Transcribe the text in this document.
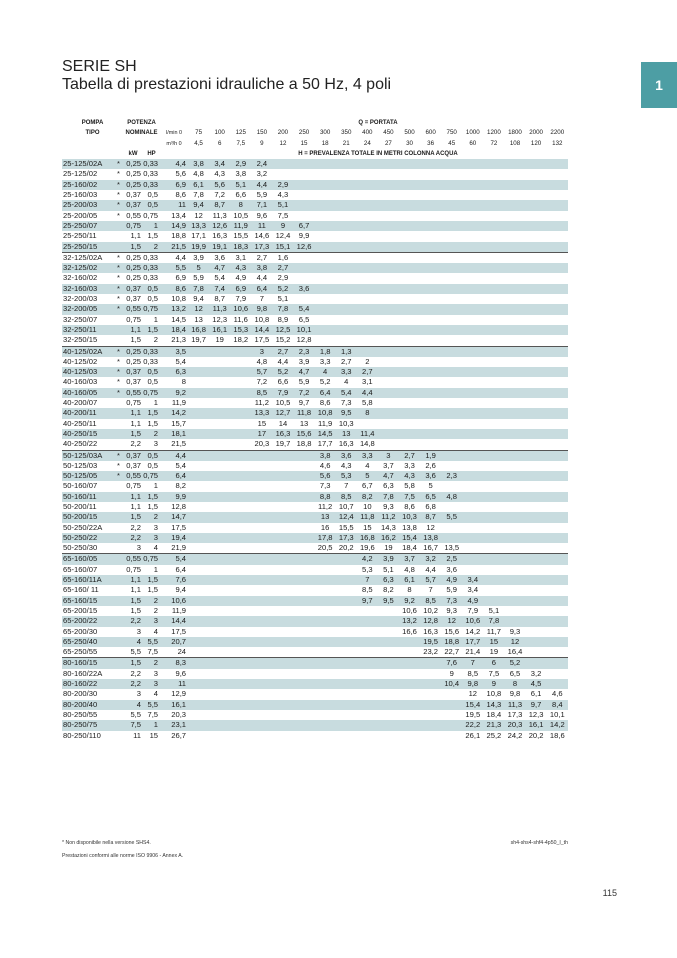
SERIE SH
Tabella di prestazioni idrauliche a 50 Hz, 4 poli	1
POMPA		POTENZA			Q = PORTATA																	
TIPO		NOMINALE		l/min 0	75	100	125	150	200	250	300	350	400	450	500	600	750	1000	1200	1800	2000	2200
				m³/h 0	4,5	6	7,5	9	12	15	18	21	24	27	30	36	45	60	72	108	120	132
		kW	HP		H = PREVALENZA TOTALE IN METRI COLONNA ACQUA																	
25-125/02A	*	0,25	0,33	4,4	3,8	3,4	2,9	2,4														
25-125/02	*	0,25	0,33	5,6	4,8	4,3	3,8	3,2														
25-160/02	*	0,25	0,33	6,9	6,1	5,6	5,1	4,4	2,9													
25-160/03	*	0,37	0,5	8,6	7,8	7,2	6,6	5,9	4,3													
25-200/03	*	0,37	0,5	11	9,4	8,7	8	7,1	5,1													
25-200/05	*	0,55	0,75	13,4	12	11,3	10,5	9,6	7,5													
25-250/07		0,75	1	14,9	13,3	12,6	11,9	11	9	6,7												
25-250/11		1,1	1,5	18,8	17,1	16,3	15,5	14,6	12,4	9,9												
25-250/15		1,5	2	21,5	19,9	19,1	18,3	17,3	15,1	12,6												
32-125/02A	*	0,25	0,33	4,4	3,9	3,6	3,1	2,7	1,6													
32-125/02	*	0,25	0,33	5,5	5	4,7	4,3	3,8	2,7													
32-160/02	*	0,25	0,33	6,9	5,9	5,4	4,9	4,4	2,9													
32-160/03	*	0,37	0,5	8,6	7,8	7,4	6,9	6,4	5,2	3,6												
32-200/03	*	0,37	0,5	10,8	9,4	8,7	7,9	7	5,1													
32-200/05	*	0,55	0,75	13,2	12	11,3	10,6	9,8	7,8	5,4												
32-250/07		0,75	1	14,5	13	12,3	11,6	10,8	8,9	6,5												
32-250/11		1,1	1,5	18,4	16,8	16,1	15,3	14,4	12,5	10,1												
32-250/15		1,5	2	21,3	19,7	19	18,2	17,5	15,2	12,8												
40-125/02A	*	0,25	0,33	3,5				3	2,7	2,3	1,8	1,3										
40-125/02	*	0,25	0,33	5,4				4,8	4,4	3,9	3,3	2,7	2									
40-125/03	*	0,37	0,5	6,3				5,7	5,2	4,7	4	3,3	2,7									
40-160/03	*	0,37	0,5	8				7,2	6,6	5,9	5,2	4	3,1									
40-160/05	*	0,55	0,75	9,2				8,5	7,9	7,2	6,4	5,4	4,4									
40-200/07		0,75	1	11,9				11,2	10,5	9,7	8,6	7,3	5,8									
40-200/11		1,1	1,5	14,2				13,3	12,7	11,8	10,8	9,5	8									
40-250/11		1,1	1,5	15,7				15	14	13	11,9	10,3										
40-250/15		1,5	2	18,1				17	16,3	15,6	14,5	13	11,4									
40-250/22		2,2	3	21,5				20,3	19,7	18,8	17,7	16,3	14,8									
50-125/03A	*	0,37	0,5	4,4							3,8	3,6	3,3	3	2,7	1,9						
50-125/03	*	0,37	0,5	5,4							4,6	4,3	4	3,7	3,3	2,6						
50-125/05	*	0,55	0,75	6,4							5,6	5,3	5	4,7	4,3	3,6	2,3					
50-160/07		0,75	1	8,2							7,3	7	6,7	6,3	5,8	5						
50-160/11		1,1	1,5	9,9							8,8	8,5	8,2	7,8	7,5	6,5	4,8					
50-200/11		1,1	1,5	12,8							11,2	10,7	10	9,3	8,6	6,8						
50-200/15		1,5	2	14,7							13	12,4	11,8	11,2	10,3	8,7	5,5					
50-250/22A		2,2	3	17,5							16	15,5	15	14,3	13,8	12						
50-250/22		2,2	3	19,4							17,8	17,3	16,8	16,2	15,4	13,8						
50-250/30		3	4	21,9							20,5	20,2	19,6	19	18,4	16,7	13,5					
65-160/05		0,55	0,75	5,4									4,2	3,9	3,7	3,2	2,5					
65-160/07		0,75	1	6,4									5,3	5,1	4,8	4,4	3,6					
65-160/11A		1,1	1,5	7,6									7	6,3	6,1	5,7	4,9	3,4				
65-160/ 11		1,1	1,5	9,4									8,5	8,2	8	7	5,9	3,4				
65-160/15		1,5	2	10,6									9,7	9,5	9,2	8,5	7,3	4,9				
65-200/15		1,5	2	11,9											10,6	10,2	9,3	7,9	5,1			
65-200/22		2,2	3	14,4											13,2	12,8	12	10,6	7,8			
65-200/30		3	4	17,5											16,6	16,3	15,6	14,2	11,7	9,3		
65-250/40		4	5,5	20,7												19,5	18,8	17,7	15	12		
65-250/55		5,5	7,5	24												23,2	22,7	21,4	19	16,4		
80-160/15		1,5	2	8,3													7,6	7	6	5,2		
80-160/22A		2,2	3	9,6													9	8,5	7,5	6,5	3,2	
80-160/22		2,2	3	11													10,4	9,8	9	8	4,5	
80-200/30		3	4	12,9														12	10,8	9,8	6,1	4,6
80-200/40		4	5,5	16,1														15,4	14,3	11,3	9,7	8,4
80-250/55		5,5	7,5	20,3														19,5	18,4	17,3	12,3	10,1
80-250/75		7,5	1	23,1														22,2	21,3	20,3	16,1	14,2
80-250/110		11	15	26,7														26,1	25,2	24,2	20,2	18,6
* Non disponibile nella versione SHS4.
Prestazioni conformi alle norme ISO 9906 - Annex A.
sh4-shs4-shf4-4p50_I_th
115
